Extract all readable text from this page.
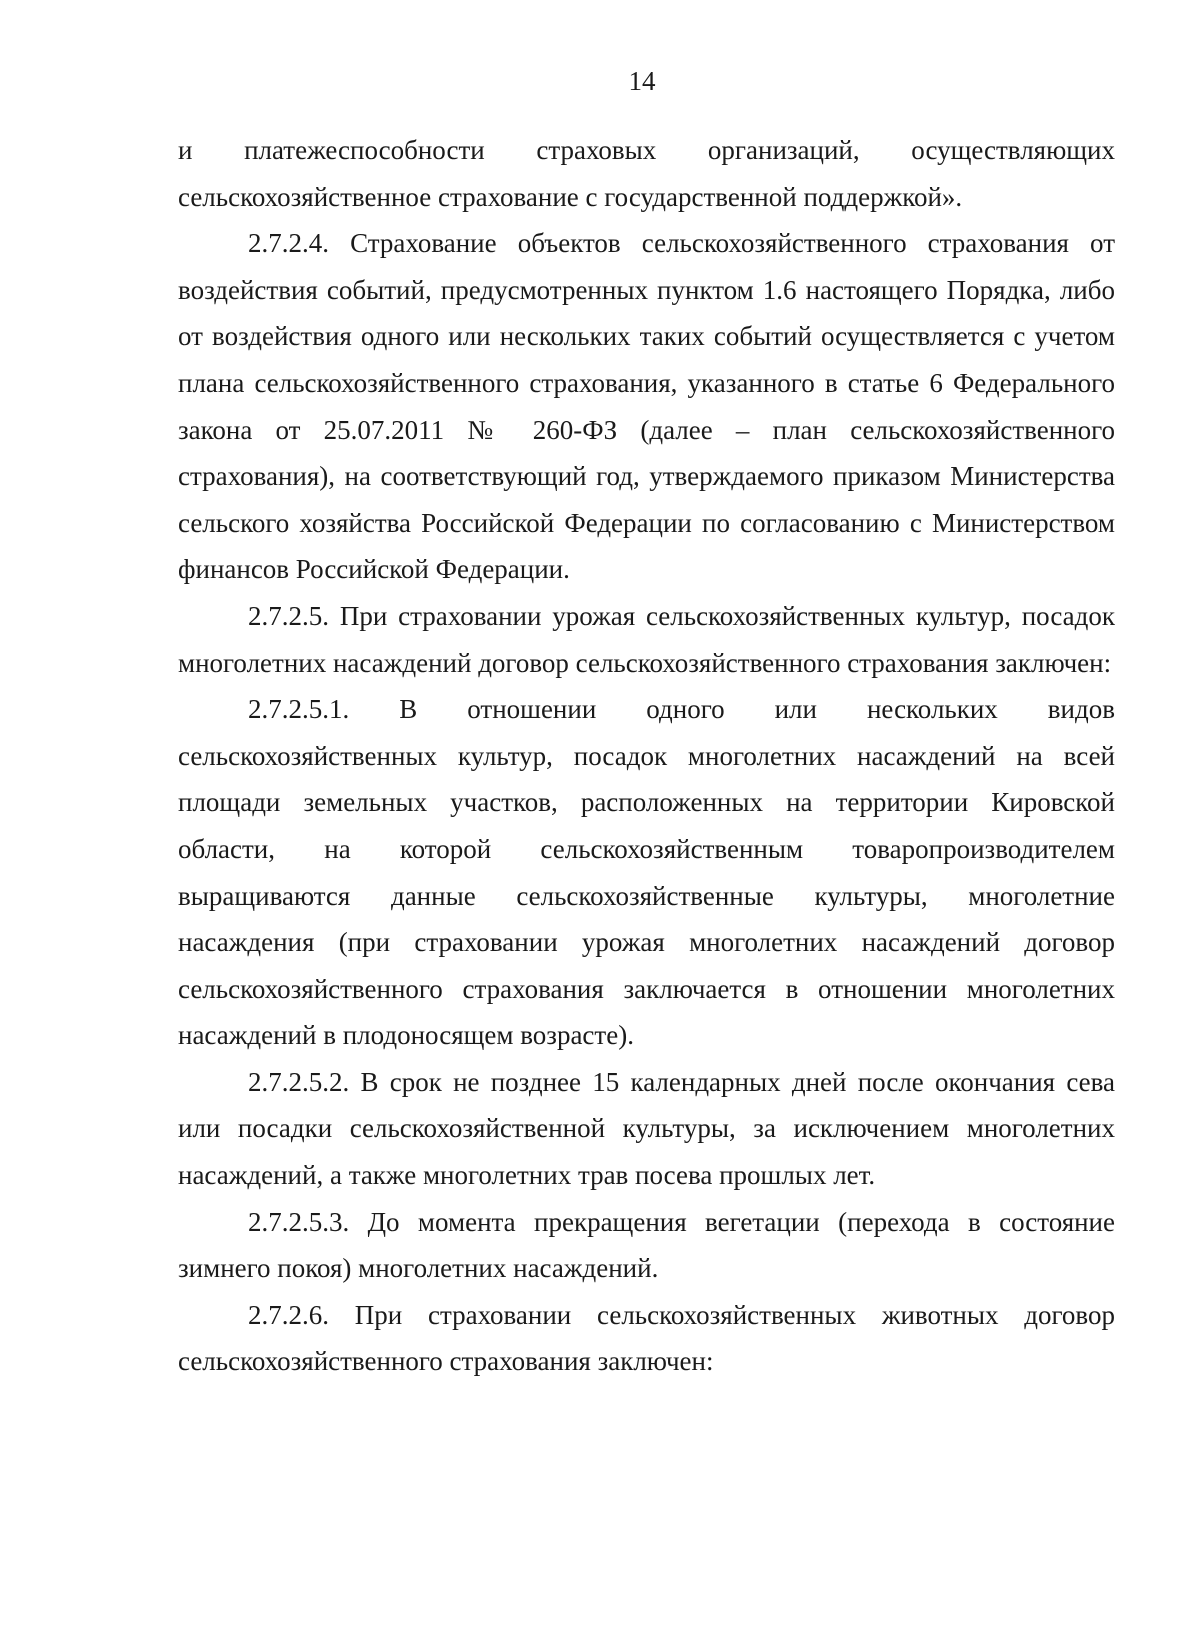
14

и платежеспособности страховых организаций, осуществляющих сельскохозяйственное страхование с государственной поддержкой».

2.7.2.4. Страхование объектов сельскохозяйственного страхования от воздействия событий, предусмотренных пунктом 1.6 настоящего Порядка, либо от воздействия одного или нескольких таких событий осуществляется с учетом плана сельскохозяйственного страхования, указанного в статье 6 Федерального закона от 25.07.2011 № 260-ФЗ (далее – план сельскохозяйственного страхования), на соответствующий год, утверждаемого приказом Министерства сельского хозяйства Российской Федерации по согласованию с Министерством финансов Российской Федерации.

2.7.2.5. При страховании урожая сельскохозяйственных культур, посадок многолетних насаждений договор сельскохозяйственного страхования заключен:

2.7.2.5.1. В отношении одного или нескольких видов сельскохозяйственных культур, посадок многолетних насаждений на всей площади земельных участков, расположенных на территории Кировской области, на которой сельскохозяйственным товаропроизводителем выращиваются данные сельскохозяйственные культуры, многолетние насаждения (при страховании урожая многолетних насаждений договор сельскохозяйственного страхования заключается в отношении многолетних насаждений в плодоносящем возрасте).

2.7.2.5.2. В срок не позднее 15 календарных дней после окончания сева или посадки сельскохозяйственной культуры, за исключением многолетних насаждений, а также многолетних трав посева прошлых лет.

2.7.2.5.3. До момента прекращения вегетации (перехода в состояние зимнего покоя) многолетних насаждений.

2.7.2.6. При страховании сельскохозяйственных животных договор сельскохозяйственного страхования заключен:
